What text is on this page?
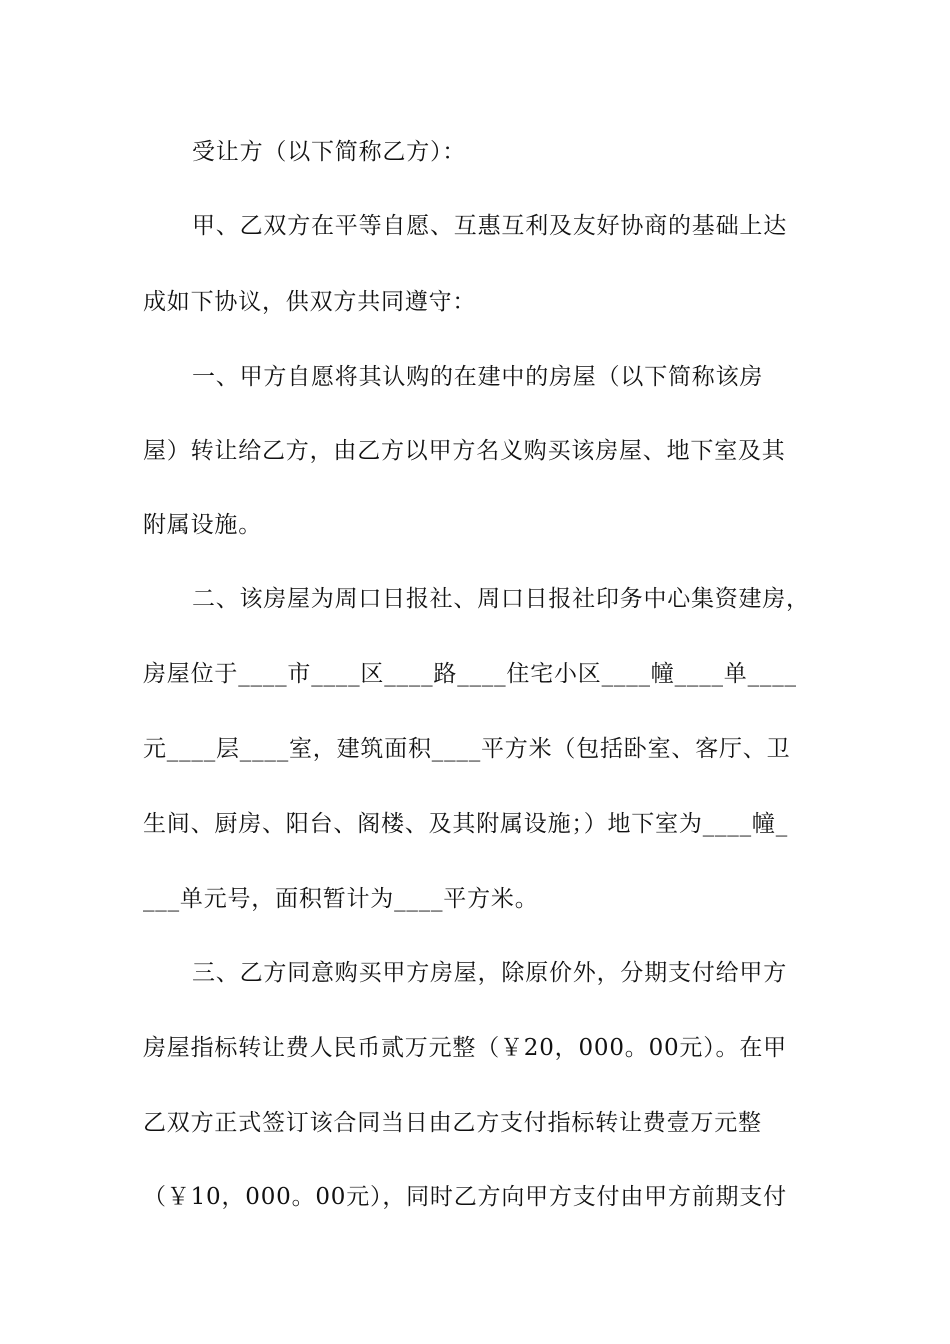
受让方（以下简称乙方）：
甲、乙双方在平等自愿、互惠互利及友好协商的基础上达
成如下协议，供双方共同遵守：
一、甲方自愿将其认购的在建中的房屋（以下简称该房
屋）转让给乙方，由乙方以甲方名义购买该房屋、地下室及其
附属设施。
二、该房屋为周口日报社、周口日报社印务中心集资建房，
房屋位于____市____区____路____住宅小区____幢____单____
元____层____室，建筑面积____平方米（包括卧室、客厅、卫
生间、厨房、阳台、阁楼、及其附属设施；）地下室为____幢_
___单元号，面积暂计为____平方米。
三、乙方同意购买甲方房屋，除原价外，分期支付给甲方
房屋指标转让费人民币贰万元整（￥20，000。00元）。在甲
乙双方正式签订该合同当日由乙方支付指标转让费壹万元整
（￥10，000。00元），同时乙方向甲方支付由甲方前期支付
